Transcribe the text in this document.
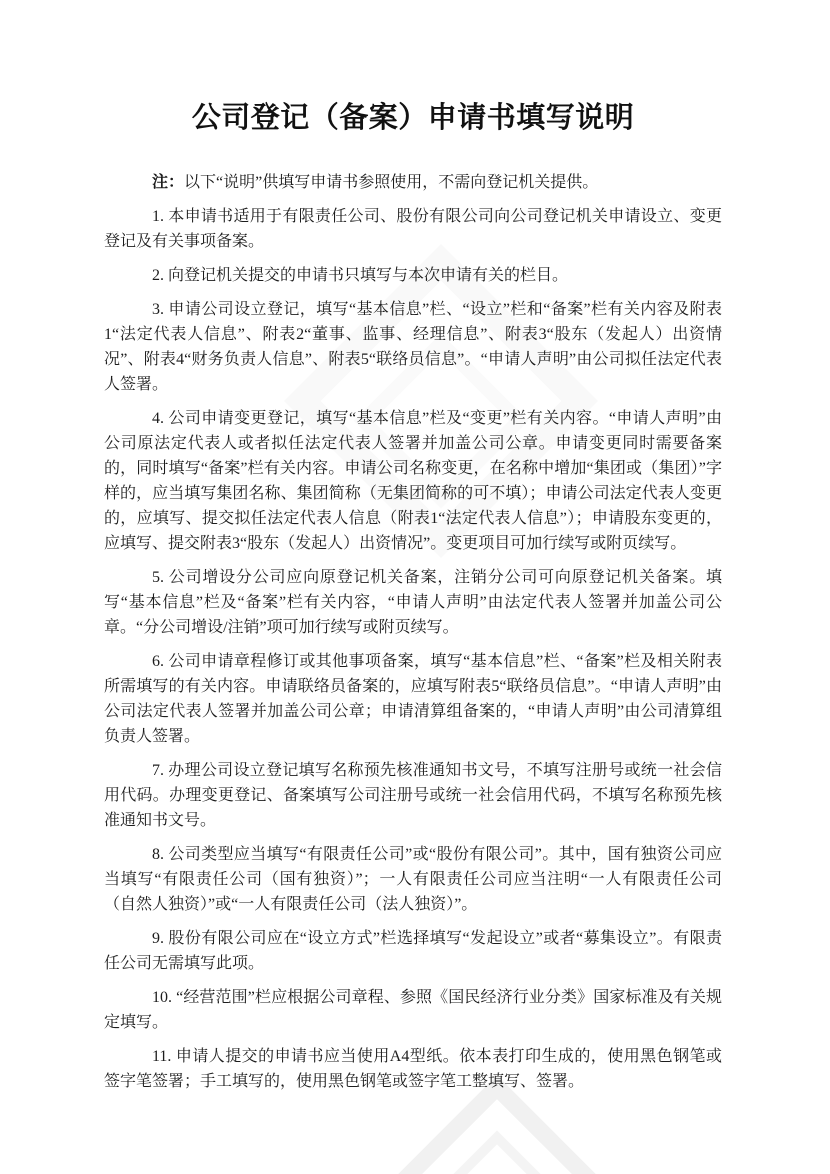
公司登记（备案）申请书填写说明

注：以下“说明”供填写申请书参照使用，不需向登记机关提供。

1. 本申请书适用于有限责任公司、股份有限公司向公司登记机关申请设立、变更登记及有关事项备案。

2. 向登记机关提交的申请书只填写与本次申请有关的栏目。

3. 申请公司设立登记，填写“基本信息”栏、“设立”栏和“备案”栏有关内容及附表1“法定代表人信息”、附表2“董事、监事、经理信息”、附表3“股东（发起人）出资情况”、附表4“财务负责人信息”、附表5“联络员信息”。“申请人声明”由公司拟任法定代表人签署。

4. 公司申请变更登记，填写“基本信息”栏及“变更”栏有关内容。“申请人声明”由公司原法定代表人或者拟任法定代表人签署并加盖公司公章。申请变更同时需要备案的，同时填写“备案”栏有关内容。申请公司名称变更，在名称中增加“集团或（集团）”字样的，应当填写集团名称、集团简称（无集团简称的可不填）；申请公司法定代表人变更的，应填写、提交拟任法定代表人信息（附表1“法定代表人信息”）；申请股东变更的，应填写、提交附表3“股东（发起人）出资情况”。变更项目可加行续写或附页续写。

5. 公司增设分公司应向原登记机关备案，注销分公司可向原登记机关备案。填写“基本信息”栏及“备案”栏有关内容，“申请人声明”由法定代表人签署并加盖公司公章。“分公司增设/注销”项可加行续写或附页续写。

6. 公司申请章程修订或其他事项备案，填写“基本信息”栏、“备案”栏及相关附表所需填写的有关内容。申请联络员备案的，应填写附表5“联络员信息”。“申请人声明”由公司法定代表人签署并加盖公司公章；申请清算组备案的，“申请人声明”由公司清算组负责人签署。

7. 办理公司设立登记填写名称预先核准通知书文号，不填写注册号或统一社会信用代码。办理变更登记、备案填写公司注册号或统一社会信用代码，不填写名称预先核准通知书文号。

8. 公司类型应当填写“有限责任公司”或“股份有限公司”。其中，国有独资公司应当填写“有限责任公司（国有独资）”；一人有限责任公司应当注明“一人有限责任公司（自然人独资）”或“一人有限责任公司（法人独资）”。

9. 股份有限公司应在“设立方式”栏选择填写“发起设立”或者“募集设立”。有限责任公司无需填写此项。

10. “经营范围”栏应根据公司章程、参照《国民经济行业分类》国家标准及有关规定填写。

11. 申请人提交的申请书应当使用A4型纸。依本表打印生成的，使用黑色钢笔或签字笔签署；手工填写的，使用黑色钢笔或签字笔工整填写、签署。
